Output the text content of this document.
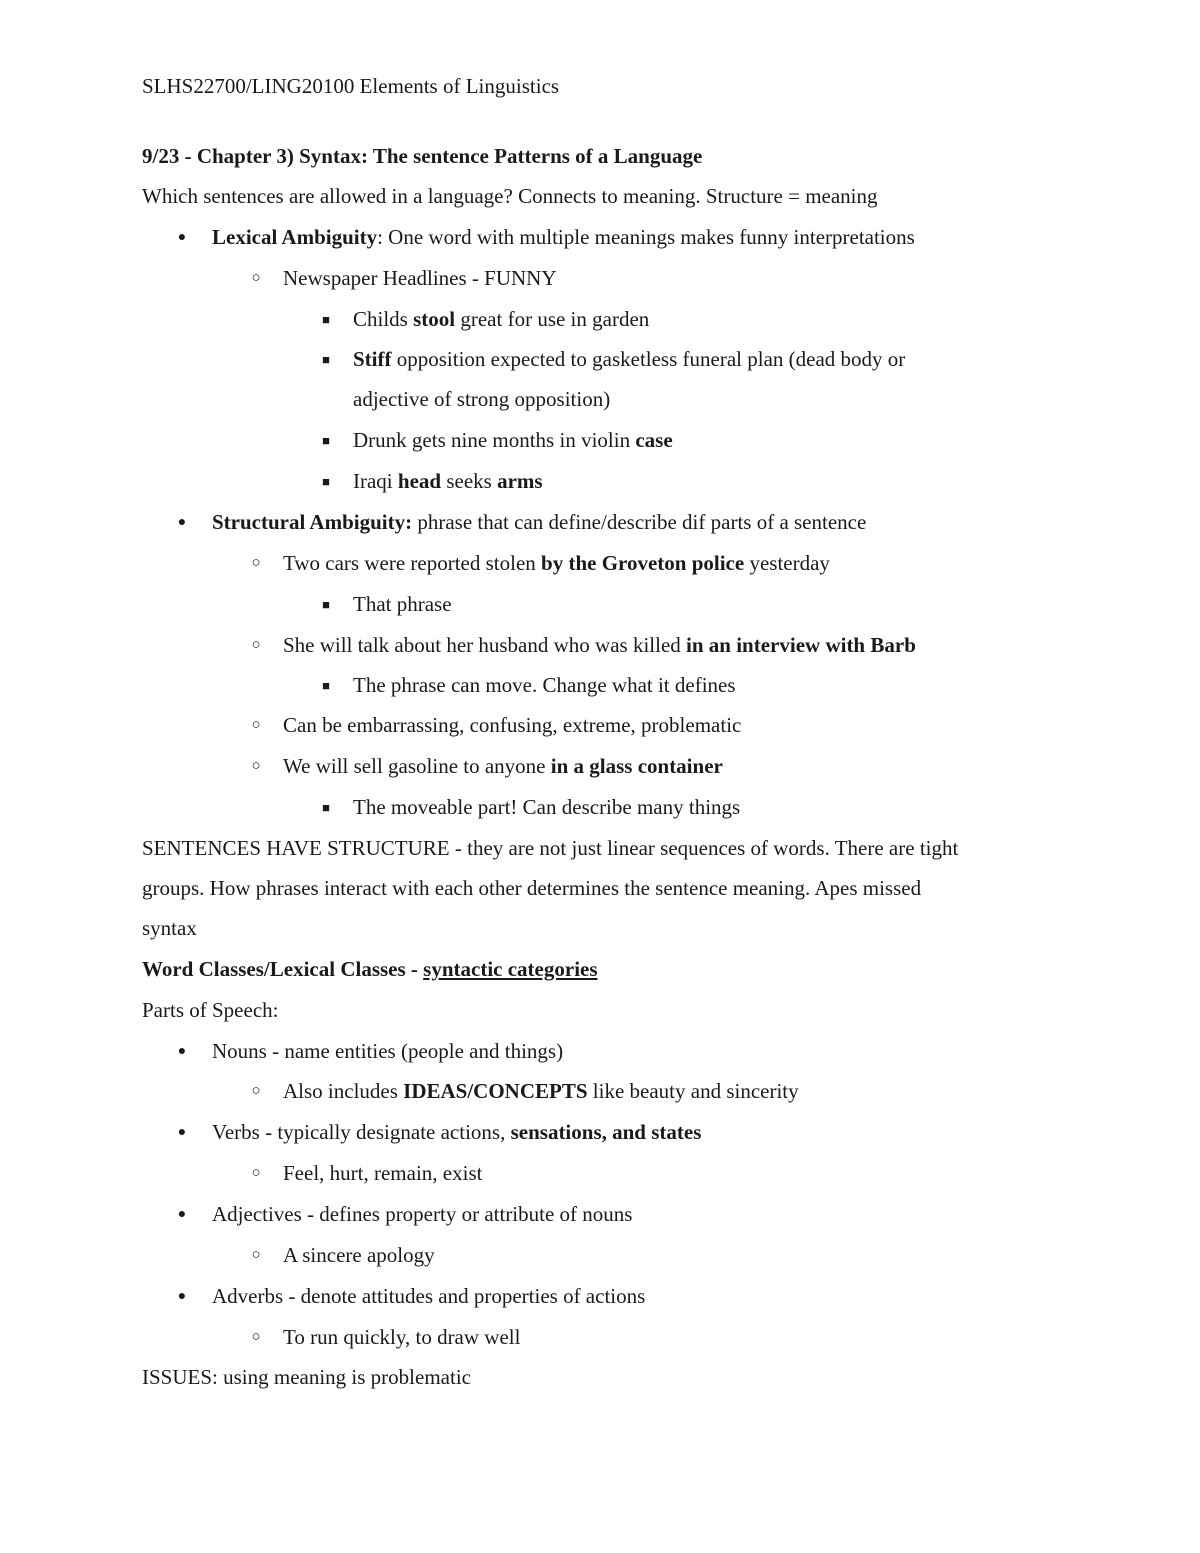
SLHS22700/LING20100 Elements of Linguistics
9/23 - Chapter 3) Syntax: The sentence Patterns of a Language
Which sentences are allowed in a language? Connects to meaning. Structure = meaning
●	Lexical Ambiguity: One word with multiple meanings makes funny interpretations
○	Newspaper Headlines - FUNNY
■	Childs stool great for use in garden
■	Stiff opposition expected to gasketless funeral plan (dead body or
adjective of strong opposition)
■	Drunk gets nine months in violin case
■	Iraqi head seeks arms
●	Structural Ambiguity: phrase that can define/describe dif parts of a sentence
○	Two cars were reported stolen by the Groveton police yesterday
■	That phrase
○	She will talk about her husband who was killed in an interview with Barb
■	The phrase can move. Change what it defines
○	Can be embarrassing, confusing, extreme, problematic
○	We will sell gasoline to anyone in a glass container
■	The moveable part! Can describe many things
SENTENCES HAVE STRUCTURE - they are not just linear sequences of words. There are tight
groups. How phrases interact with each other determines the sentence meaning. Apes missed
syntax
Word Classes/Lexical Classes - syntactic categories
Parts of Speech:
●	Nouns - name entities (people and things)
○	Also includes IDEAS/CONCEPTS like beauty and sincerity
●	Verbs - typically designate actions, sensations, and states
○	Feel, hurt, remain, exist
●	Adjectives - defines property or attribute of nouns
○	A sincere apology
●	Adverbs - denote attitudes and properties of actions
○	To run quickly, to draw well
ISSUES: using meaning is problematic
